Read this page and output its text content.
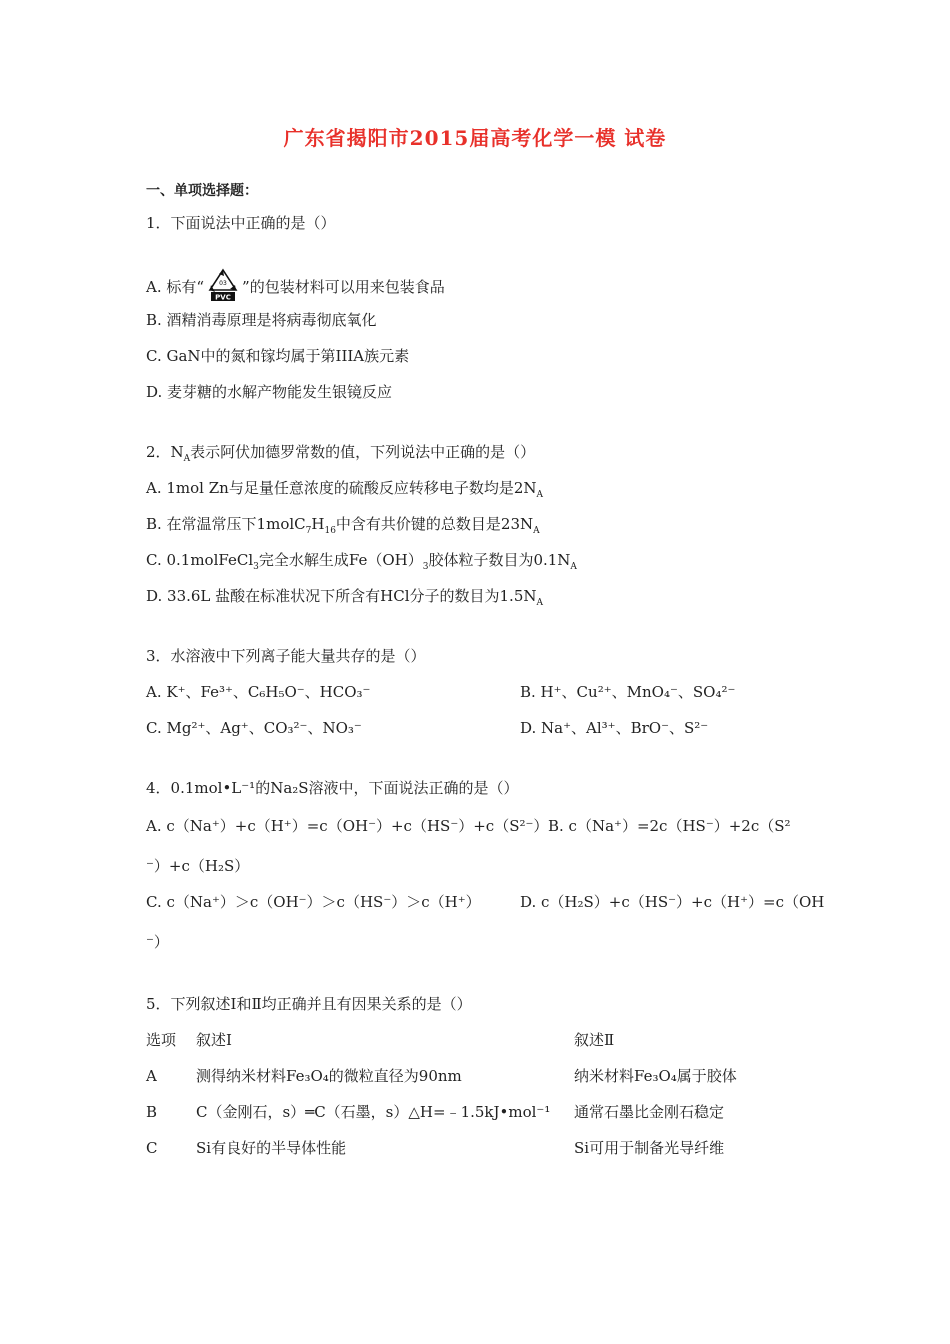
广东省揭阳市2015届高考化学一模 试卷
一、单项选择题：
1．下面说法中正确的是（）
A. 标有“	03
PVC
”的包装材料可以用来包装食品
B. 酒精消毒原理是将病毒彻底氧化
C. GaN中的氮和镓均属于第IIIA族元素
D. 麦芽糖的水解产物能发生银镜反应
2．$N_A$表示阿伏加德罗常数的值，下列说法中正确的是（）
A. 1mol Zn与足量任意浓度的硫酸反应转移电子数均是$2N_A$
B. 在常温常压下$1molC_7H_{16}$中含有共价键的总数目是$23N_A$
C. 0.1molFeCl$_3$完全水解生成$Fe(OH)_3$胶体粒子数目为$0.1N_A$
D. 33.6L 盐酸在标准状况下所含有HCl分子的数目为$1.5N_A$
3．水溶液中下列离子能大量共存的是（）
A. K⁺、Fe³⁺、C₆H₅O⁻、HCO₃⁻	B. H⁺、Cu²⁺、MnO₄⁻、SO₄²⁻
C. Mg²⁺、Ag⁺、CO₃²⁻、NO₃⁻	D. Na⁺、Al³⁺、BrO⁻、S²⁻
4．0.1mol•L⁻¹的Na₂S溶液中，下面说法正确的是（）
A. c（Na⁺）+c（H⁺）=c（OH⁻）+c（HS⁻）+c（S²⁻） B. c（Na⁺）=2c（HS⁻）+2c（S²
⁻）+c（H₂S）
C. c（Na⁺）＞c（OH⁻）＞c（HS⁻）＞c（H⁺）	D. c（H₂S）+c（HS⁻）+c（H⁺）=c（OH
⁻）
5．下列叙述Ⅰ和Ⅱ均正确并且有因果关系的是（）
选项 叙述Ⅰ	叙述Ⅱ
A	测得纳米材料Fe₃O₄的微粒直径为90nm	纳米材料Fe₃O₄属于胶体
B	C（金刚石，s）═C（石墨，s）△H=﹣1.5kJ•mol⁻¹ 通常石墨比金刚石稳定
C	Si有良好的半导体性能	Si可用于制备光导纤维
